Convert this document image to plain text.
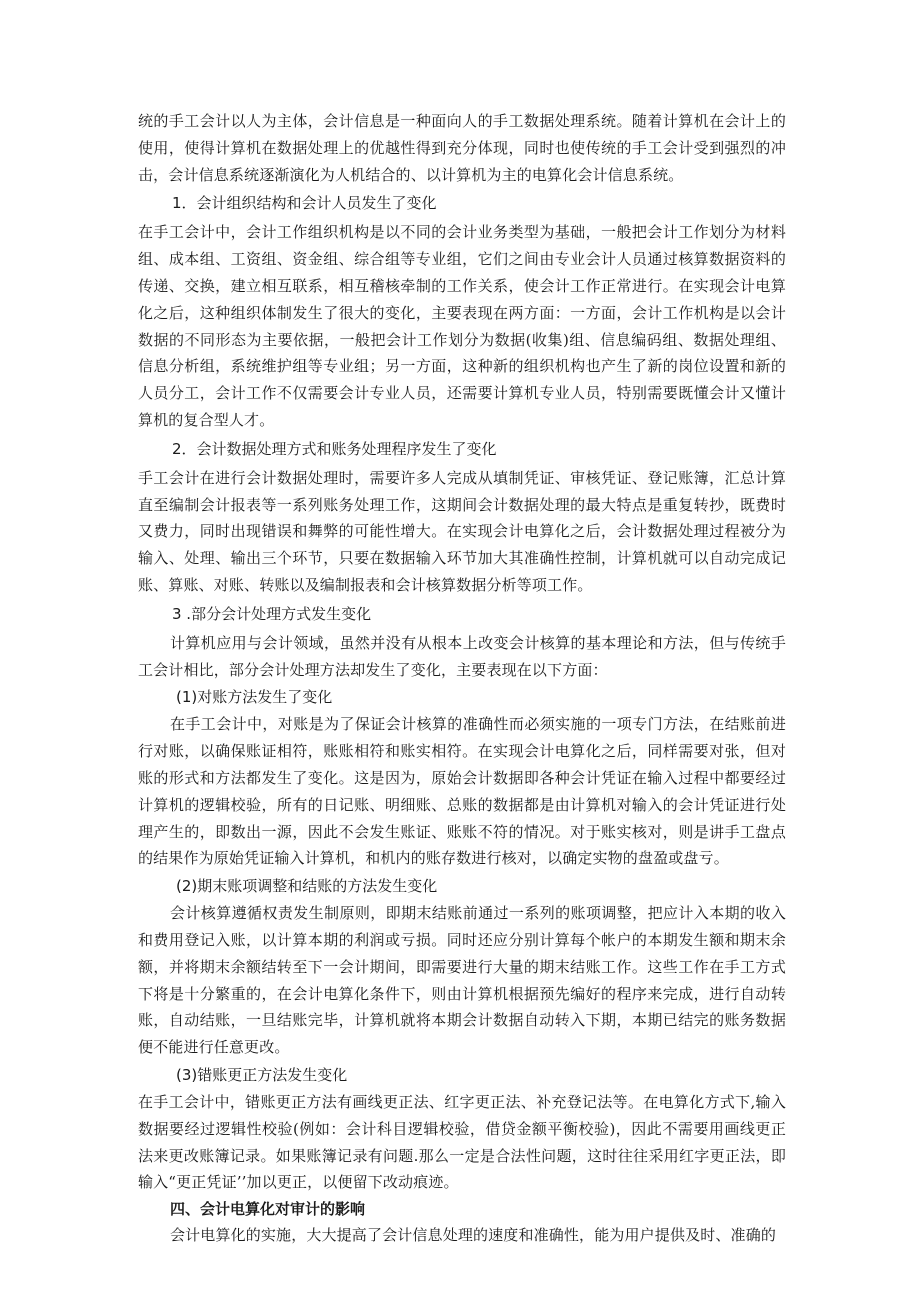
统的手工会计以人为主体，会计信息是一种面向人的手工数据处理系统。随着计算机在会计上的使用，使得计算机在数据处理上的优越性得到充分体现，同时也使传统的手工会计受到强烈的冲击，会计信息系统逐渐演化为人机结合的、以计算机为主的电算化会计信息系统。

1．会计组织结构和会计人员发生了变化

在手工会计中，会计工作组织机构是以不同的会计业务类型为基础，一般把会计工作划分为材料组、成本组、工资组、资金组、综合组等专业组，它们之间由专业会计人员通过核算数据资料的传递、交换，建立相互联系，相互稽核牵制的工作关系，使会计工作正常进行。在实现会计电算化之后，这种组织体制发生了很大的变化，主要表现在两方面：一方面，会计工作机构是以会计数据的不同形态为主要依据，一般把会计工作划分为数据(收集)组、信息编码组、数据处理组、信息分析组，系统维护组等专业组；另一方面，这种新的组织机构也产生了新的岗位设置和新的人员分工，会计工作不仅需要会计专业人员，还需要计算机专业人员，特别需要既懂会计又懂计算机的复合型人才。

2．会计数据处理方式和账务处理程序发生了变化

手工会计在进行会计数据处理时，需要许多人完成从填制凭证、审核凭证、登记账簿，汇总计算直至编制会计报表等一系列账务处理工作，这期间会计数据处理的最大特点是重复转抄，既费时又费力，同时出现错误和舞弊的可能性增大。在实现会计电算化之后，会计数据处理过程被分为输入、处理、输出三个环节，只要在数据输入环节加大其准确性控制，计算机就可以自动完成记账、算账、对账、转账以及编制报表和会计核算数据分析等项工作。

3 .部分会计处理方式发生变化

计算机应用与会计领域，虽然并没有从根本上改变会计核算的基本理论和方法，但与传统手工会计相比，部分会计处理方法却发生了变化，主要表现在以下方面：

(1)对账方法发生了变化

在手工会计中，对账是为了保证会计核算的准确性而必须实施的一项专门方法，在结账前进行对账，以确保账证相符，账账相符和账实相符。在实现会计电算化之后，同样需要对张，但对账的形式和方法都发生了变化。这是因为，原始会计数据即各种会计凭证在输入过程中都要经过计算机的逻辑校验，所有的日记账、明细账、总账的数据都是由计算机对输入的会计凭证进行处理产生的，即数出一源，因此不会发生账证、账账不符的情况。对于账实核对，则是讲手工盘点的结果作为原始凭证输入计算机，和机内的账存数进行核对，以确定实物的盘盈或盘亏。

(2)期末账项调整和结账的方法发生变化

会计核算遵循权责发生制原则，即期末结账前通过一系列的账项调整，把应计入本期的收入和费用登记入账，以计算本期的利润或亏损。同时还应分别计算每个帐户的本期发生额和期末余额，并将期末余额结转至下一会计期间，即需要进行大量的期末结账工作。这些工作在手工方式下将是十分繁重的，在会计电算化条件下，则由计算机根据预先编好的程序来完成，进行自动转账，自动结账，一旦结账完毕，计算机就将本期会计数据自动转入下期，本期已结完的账务数据便不能进行任意更改。

(3)错账更正方法发生变化

在手工会计中，错账更正方法有画线更正法、红字更正法、补充登记法等。在电算化方式下,输入数据要经过逻辑性校验(例如：会计科目逻辑校验，借贷金额平衡校验)，因此不需要用画线更正法来更改账簿记录。如果账簿记录有问题.那么一定是合法性问题，这时往往采用红字更正法，即输入“更正凭证’’加以更正，以便留下改动痕迹。

四、会计电算化对审计的影响

会计电算化的实施，大大提高了会计信息处理的速度和准确性，能为用户提供及时、准确的
